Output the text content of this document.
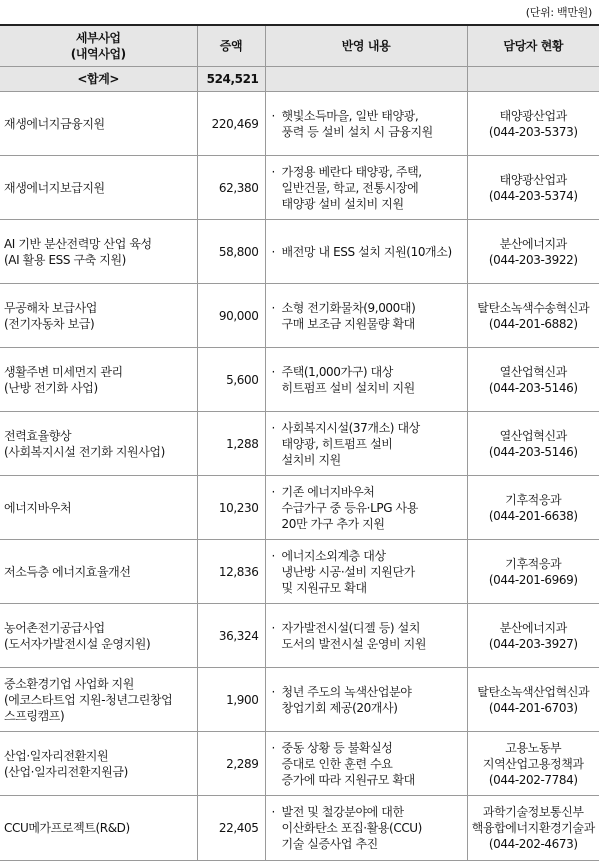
(단위: 백만원)
세부사업
(내역사업)	증액	반영 내용	담당자 현황
<합계>	524,521		

재생에너지금융지원	220,469	· 햇빛소득마을, 일반 태양광,
풍력 등 설비 설치 시 금융지원	태양광산업과
(044-203-5373)

재생에너지보급지원	62,380	· 가정용 베란다 태양광, 주택,
일반건물, 학교, 전통시장에
태양광 설비 설치비 지원	태양광산업과
(044-203-5374)

AI 기반 분산전력망 산업 육성
(AI 활용 ESS 구축 지원)	58,800	· 배전망 내 ESS 설치 지원(10개소)	분산에너지과
(044-203-3922)

무공해차 보급사업
(전기자동차 보급)	90,000	· 소형 전기화물차(9,000대)
구매 보조금 지원물량 확대	탈탄소녹색수송혁신과
(044-201-6882)

생활주변 미세먼지 관리
(난방 전기화 사업)	5,600	· 주택(1,000가구) 대상
히트펌프 설비 설치비 지원	열산업혁신과
(044-203-5146)

전력효율향상
(사회복지시설 전기화 지원사업)	1,288	· 사회복지시설(37개소) 대상
태양광, 히트펌프 설비
설치비 지원	열산업혁신과
(044-203-5146)

에너지바우처	10,230	· 기존 에너지바우처
수급가구 중 등유·LPG 사용
20만 가구 추가 지원	기후적응과
(044-201-6638)

저소득층 에너지효율개선	12,836	· 에너지소외계층 대상
냉난방 시공·설비 지원단가
및 지원규모 확대	기후적응과
(044-201-6969)

농어촌전기공급사업
(도서자가발전시설 운영지원)	36,324	· 자가발전시설(디젤 등) 설치
도서의 발전시설 운영비 지원	분산에너지과
(044-203-3927)

중소환경기업 사업화 지원
(에코스타트업 지원-청년그린창업
스프링캠프)	1,900	· 청년 주도의 녹색산업분야
창업기회 제공(20개사)	탈탄소녹색산업혁신과
(044-201-6703)

산업·일자리전환지원
(산업·일자리전환지원금)	2,289	· 중동 상황 등 불확실성
증대로 인한 훈련 수요
증가에 따라 지원규모 확대	고용노동부
지역산업고용정책과
(044-202-7784)

CCU메가프로젝트(R&D)	22,405	· 발전 및 철강분야에 대한
이산화탄소 포집·활용(CCU)
기술 실증사업 추진	과학기술정보통신부
핵융합에너지환경기술과
(044-202-4673)
